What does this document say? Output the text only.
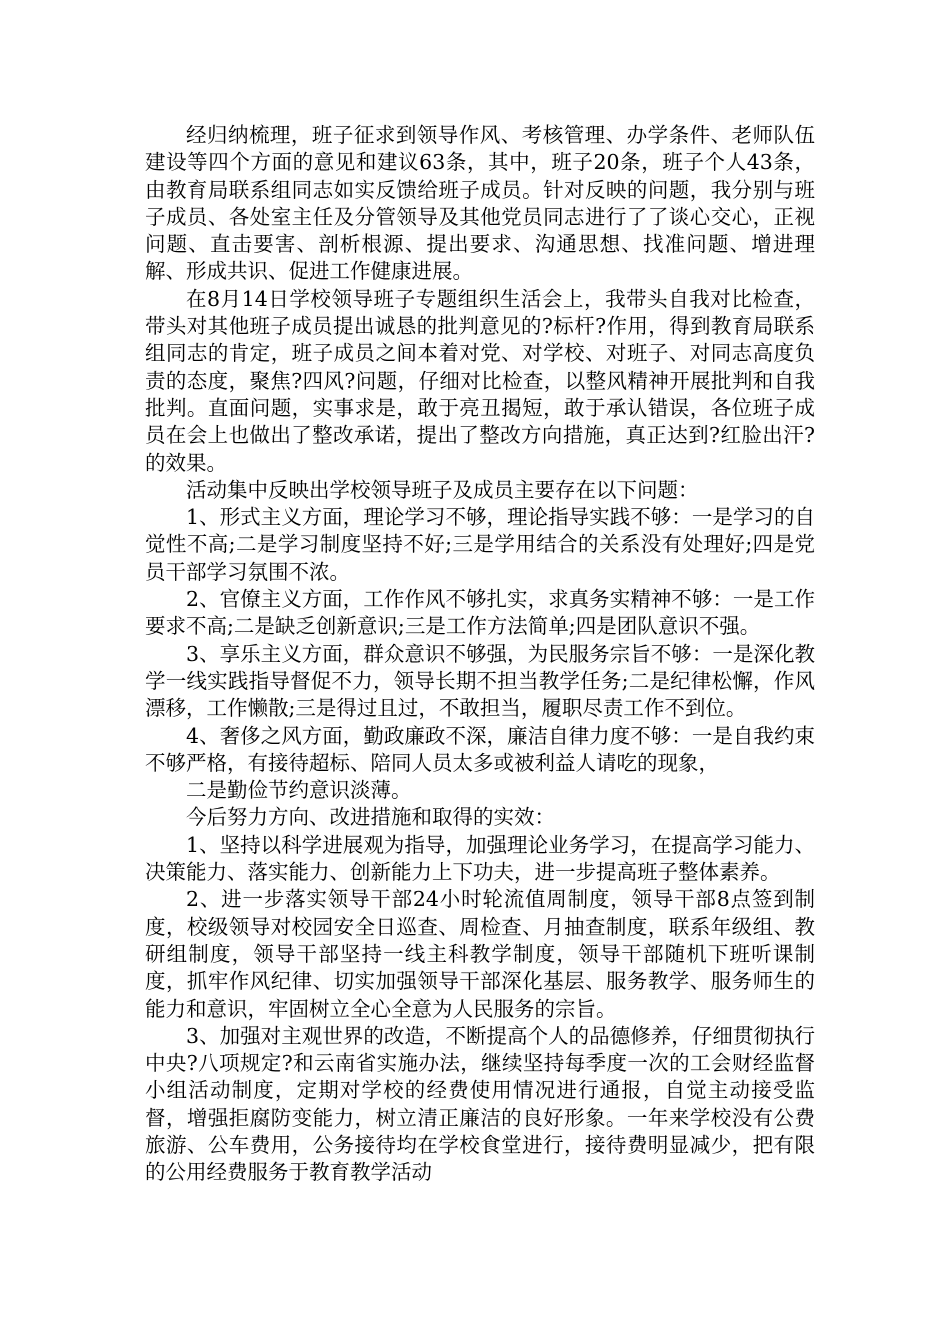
经归纳梳理，班子征求到领导作风、考核管理、办学条件、老师队伍建设等四个方面的意见和建议63条，其中，班子20条，班子个人43条，由教育局联系组同志如实反馈给班子成员。针对反映的问题，我分别与班子成员、各处室主任及分管领导及其他党员同志进行了了谈心交心，正视问题、直击要害、剖析根源、提出要求、沟通思想、找准问题、增进理解、形成共识、促进工作健康进展。

在8月14日学校领导班子专题组织生活会上，我带头自我对比检查，带头对其他班子成员提出诚恳的批判意见的?标杆?作用，得到教育局联系组同志的肯定，班子成员之间本着对党、对学校、对班子、对同志高度负责的态度，聚焦?四风?问题，仔细对比检查，以整风精神开展批判和自我批判。直面问题，实事求是，敢于亮丑揭短，敢于承认错误，各位班子成员在会上也做出了整改承诺，提出了整改方向措施，真正达到?红脸出汗?的效果。

活动集中反映出学校领导班子及成员主要存在以下问题：

1、形式主义方面，理论学习不够，理论指导实践不够：一是学习的自觉性不高;二是学习制度坚持不好;三是学用结合的关系没有处理好;四是党员干部学习氛围不浓。

2、官僚主义方面，工作作风不够扎实，求真务实精神不够：一是工作要求不高;二是缺乏创新意识;三是工作方法简单;四是团队意识不强。

3、享乐主义方面，群众意识不够强，为民服务宗旨不够：一是深化教学一线实践指导督促不力，领导长期不担当教学任务;二是纪律松懈，作风漂移，工作懒散;三是得过且过，不敢担当，履职尽责工作不到位。

4、奢侈之风方面，勤政廉政不深，廉洁自律力度不够：一是自我约束不够严格，有接待超标、陪同人员太多或被利益人请吃的现象，

二是勤俭节约意识淡薄。

今后努力方向、改进措施和取得的实效：

1、坚持以科学进展观为指导，加强理论业务学习，在提高学习能力、决策能力、落实能力、创新能力上下功夫，进一步提高班子整体素养。

2、进一步落实领导干部24小时轮流值周制度，领导干部8点签到制度，校级领导对校园安全日巡查、周检查、月抽查制度，联系年级组、教研组制度，领导干部坚持一线主科教学制度，领导干部随机下班听课制度，抓牢作风纪律、切实加强领导干部深化基层、服务教学、服务师生的能力和意识，牢固树立全心全意为人民服务的宗旨。

3、加强对主观世界的改造，不断提高个人的品德修养，仔细贯彻执行中央?八项规定?和云南省实施办法，继续坚持每季度一次的工会财经监督小组活动制度，定期对学校的经费使用情况进行通报，自觉主动接受监督，增强拒腐防变能力，树立清正廉洁的良好形象。一年来学校没有公费旅游、公车费用，公务接待均在学校食堂进行，接待费明显减少，把有限的公用经费服务于教育教学活动
